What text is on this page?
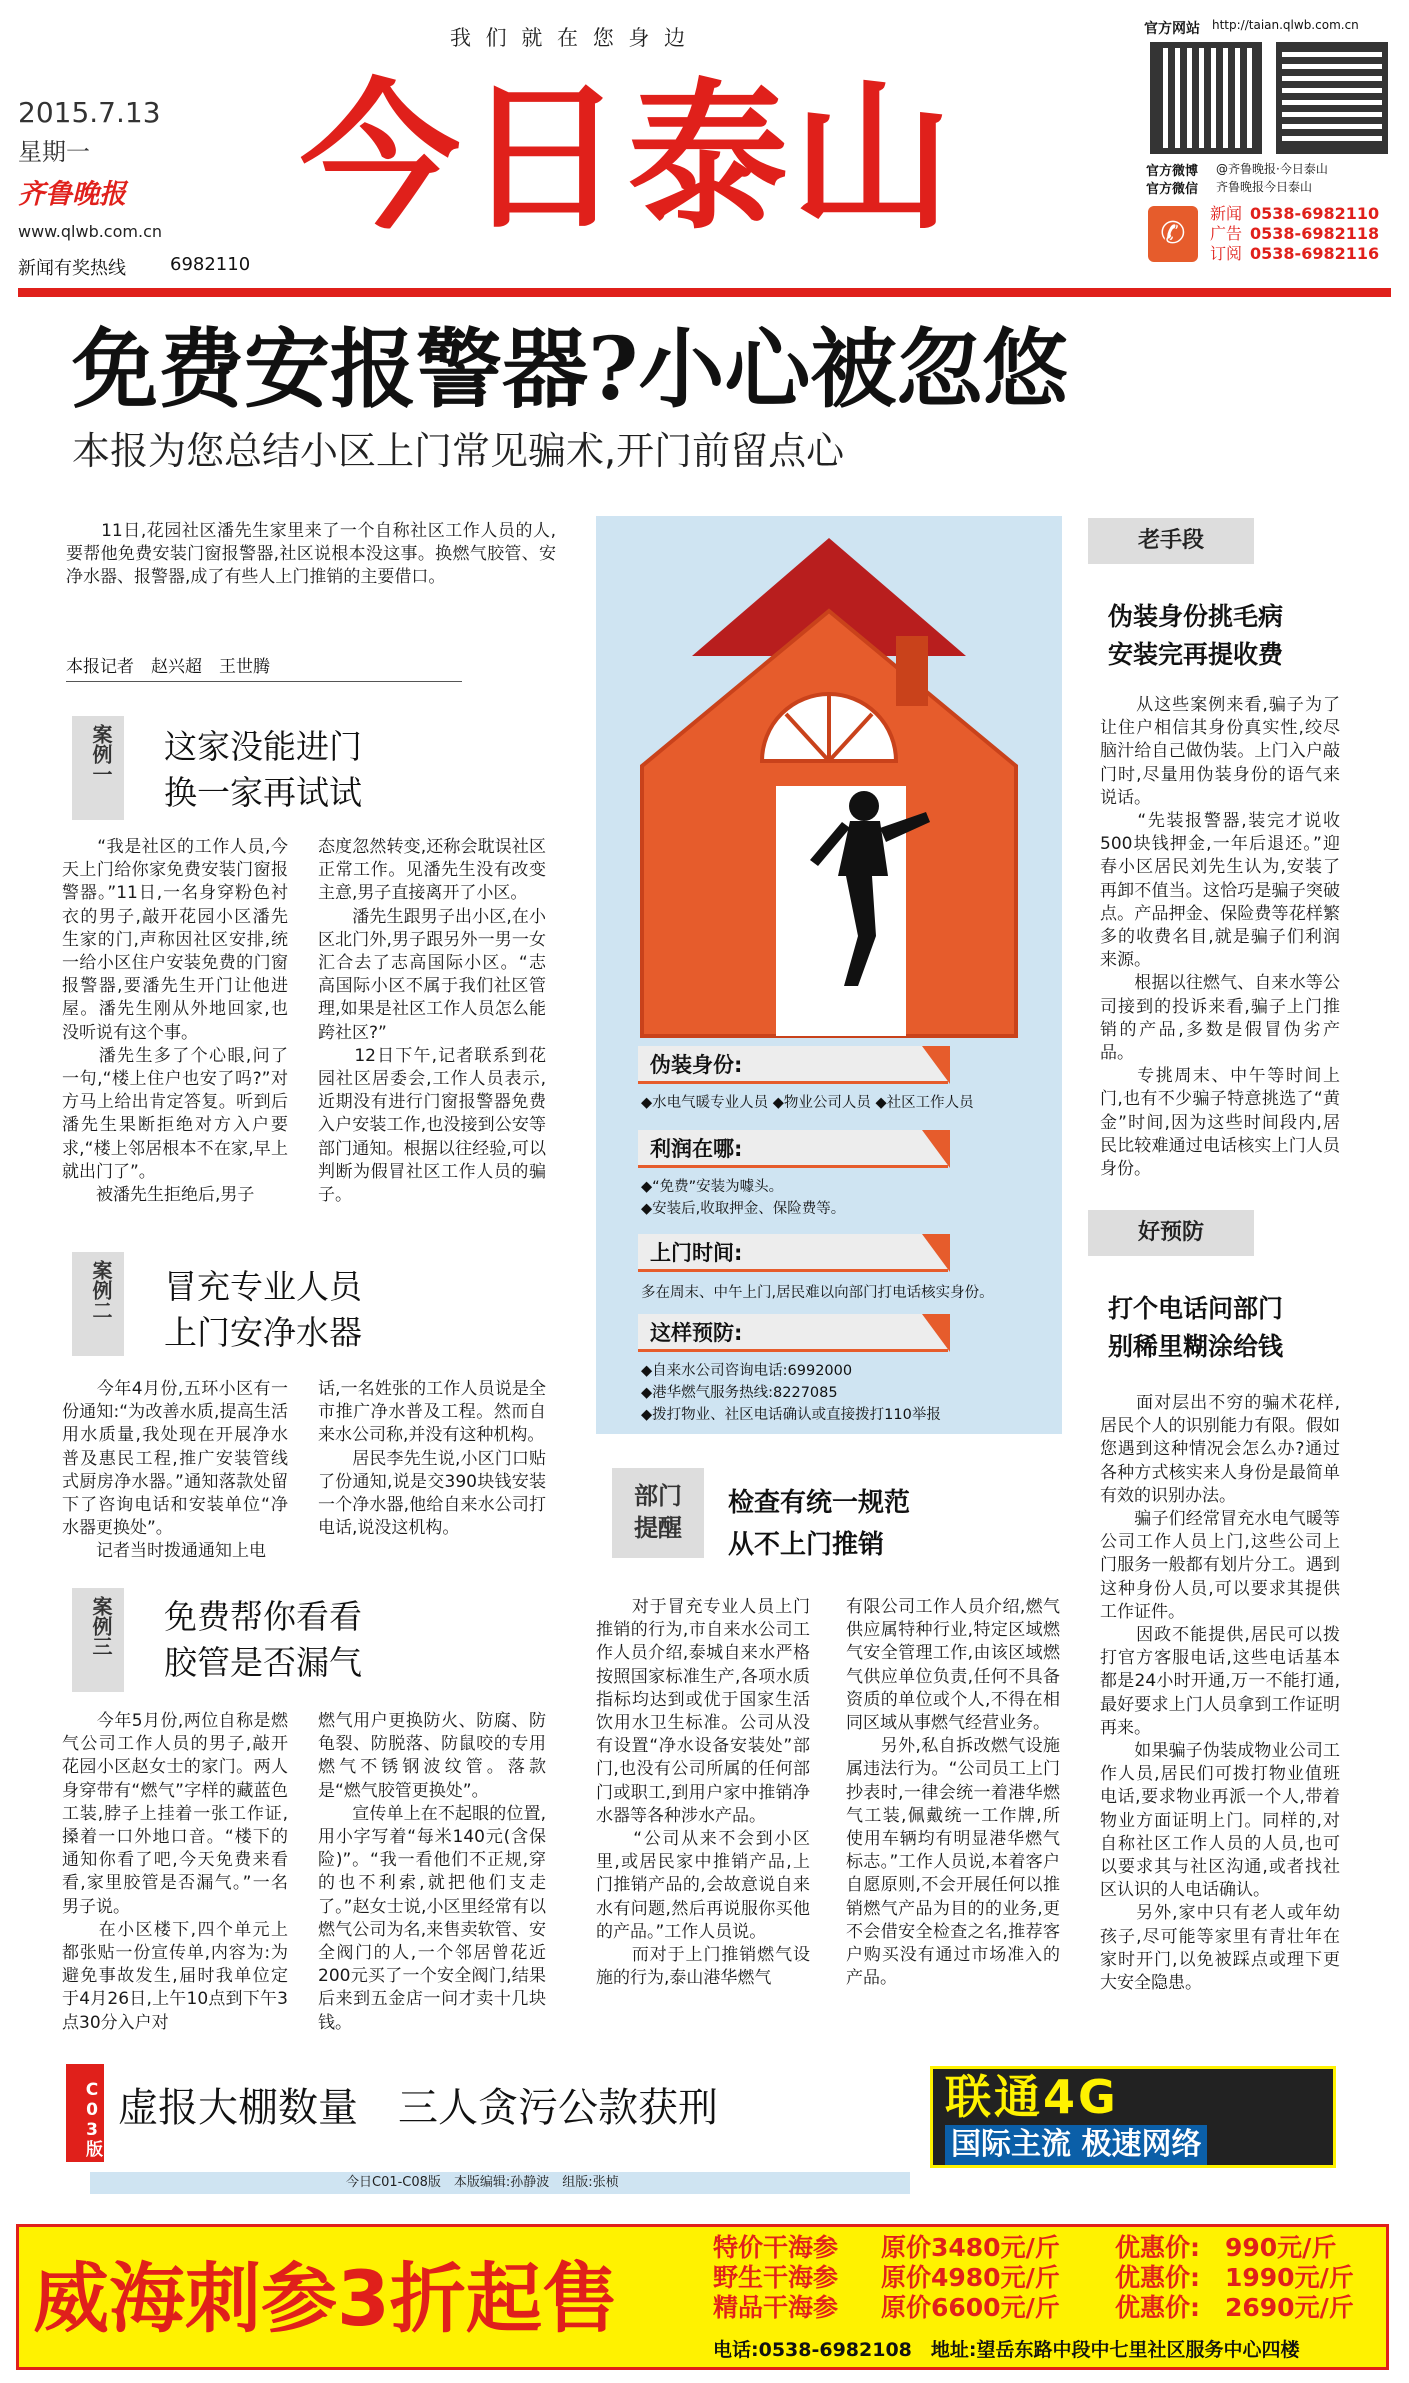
我 们 就 在 您 身 边
2015.7.13
星期一
齐鲁晚报
www.qlwb.com.cn
新闻有奖热线 6982110
今日泰山
官方网站 http://taian.qlwb.com.cn
官方微博 @齐鲁晚报·今日泰山
官方微信 齐鲁晚报今日泰山
✆
新闻 0538-6982110
广告 0538-6982118
订阅 0538-6982116
免费安报警器?小心被忽悠
本报为您总结小区上门常见骗术,开门前留点心
　　11日,花园社区潘先生家里来了一个自称社区工作人员的人,要帮他免费安装门窗报警器,社区说根本没这事。换燃气胶管、安净水器、报警器,成了有些人上门推销的主要借口。
本报记者　赵兴超　王世腾
案例一	这家没能进门
换一家再试试
　　“我是社区的工作人员,今天上门给你家免费安装门窗报警器。”11日,一名身穿粉色衬衣的男子,敲开花园小区潘先生家的门,声称因社区安排,统一给小区住户安装免费的门窗报警器,要潘先生开门让他进屋。潘先生刚从外地回家,也没听说有这个事。
　　潘先生多了个心眼,问了一句,“楼上住户也安了吗?”对方马上给出肯定答复。听到后潘先生果断拒绝对方入户要求,“楼上邻居根本不在家,早上就出门了”。
　　被潘先生拒绝后,男子
态度忽然转变,还称会耽误社区正常工作。见潘先生没有改变主意,男子直接离开了小区。
　　潘先生跟男子出小区,在小区北门外,男子跟另外一男一女汇合去了志高国际小区。“志高国际小区不属于我们社区管理,如果是社区工作人员怎么能跨社区?”
　　12日下午,记者联系到花园社区居委会,工作人员表示,近期没有进行门窗报警器免费入户安装工作,也没接到公安等部门通知。根据以往经验,可以判断为假冒社区工作人员的骗子。
案例二	冒充专业人员
上门安净水器
　　今年4月份,五环小区有一份通知:“为改善水质,提高生活用水质量,我处现在开展净水普及惠民工程,推广安装管线式厨房净水器。”通知落款处留下了咨询电话和安装单位“净水器更换处”。
　　记者当时拨通通知上电
话,一名姓张的工作人员说是全市推广净水普及工程。然而自来水公司称,并没有这种机构。
　　居民李先生说,小区门口贴了份通知,说是交390块钱安装一个净水器,他给自来水公司打电话,说没这机构。
案例三	免费帮你看看
胶管是否漏气
　　今年5月份,两位自称是燃气公司工作人员的男子,敲开花园小区赵女士的家门。两人身穿带有“燃气”字样的藏蓝色工装,脖子上挂着一张工作证,搡着一口外地口音。“楼下的通知你看了吧,今天免费来看看,家里胶管是否漏气。”一名男子说。
　　在小区楼下,四个单元上都张贴一份宣传单,内容为:为避免事故发生,届时我单位定于4月26日,上午10点到下午3点30分入户对
燃气用户更换防火、防腐、防龟裂、防脱落、防鼠咬的专用燃气不锈钢波纹管。落款是“燃气胶管更换处”。
　　宣传单上在不起眼的位置,用小字写着“每米140元(含保险)”。“我一看他们不正规,穿的也不利索,就把他们支走了。”赵女士说,小区里经常有以燃气公司为名,来售卖软管、安全阀门的人,一个邻居曾花近200元买了一个安全阀门,结果后来到五金店一问才卖十几块钱。
伪装身份:
◆水电气暖专业人员 ◆物业公司人员 ◆社区工作人员
利润在哪:
◆“免费”安装为噱头。
◆安装后,收取押金、保险费等。
上门时间:
多在周末、中午上门,居民难以向部门打电话核实身份。
这样预防:
◆自来水公司咨询电话:6992000
◆港华燃气服务热线:8227085
◆拨打物业、社区电话确认或直接拨打110举报
部门
提醒
检查有统一规范
从不上门推销
　　对于冒充专业人员上门推销的行为,市自来水公司工作人员介绍,泰城自来水严格按照国家标准生产,各项水质指标均达到或优于国家生活饮用水卫生标准。公司从没有设置“净水设备安装处”部门,也没有公司所属的任何部门或职工,到用户家中推销净水器等各种涉水产品。
　　“公司从来不会到小区里,或居民家中推销产品,上门推销产品的,会故意说自来水有问题,然后再说服你买他的产品。”工作人员说。
　　而对于上门推销燃气设施的行为,泰山港华燃气
有限公司工作人员介绍,燃气供应属特种行业,特定区域燃气安全管理工作,由该区域燃气供应单位负责,任何不具备资质的单位或个人,不得在相同区域从事燃气经营业务。
　　另外,私自拆改燃气设施属违法行为。“公司员工上门抄表时,一律会统一着港华燃气工装,佩戴统一工作牌,所使用车辆均有明显港华燃气标志。”工作人员说,本着客户自愿原则,不会开展任何以推销燃气产品为目的的业务,更不会借安全检查之名,推荐客户购买没有通过市场准入的产品。
老手段
伪装身份挑毛病
安装完再提收费
　　从这些案例来看,骗子为了让住户相信其身份真实性,绞尽脑汁给自己做伪装。上门入户敲门时,尽量用伪装身份的语气来说话。
　　“先装报警器,装完才说收500块钱押金,一年后退还。”迎春小区居民刘先生认为,安装了再卸不值当。这恰巧是骗子突破点。产品押金、保险费等花样繁多的收费名目,就是骗子们利润来源。
　　根据以往燃气、自来水等公司接到的投诉来看,骗子上门推销的产品,多数是假冒伪劣产品。
　　专挑周末、中午等时间上门,也有不少骗子特意挑选了“黄金”时间,因为这些时间段内,居民比较难通过电话核实上门人员身份。
好预防
打个电话问部门
别稀里糊涂给钱
　　面对层出不穷的骗术花样,居民个人的识别能力有限。假如您遇到这种情况会怎么办?通过各种方式核实来人身份是最简单有效的识别办法。
　　骗子们经常冒充水电气暖等公司工作人员上门,这些公司上门服务一般都有划片分工。遇到这种身份人员,可以要求其提供工作证件。
　　因政不能提供,居民可以拨打官方客服电话,这些电话基本都是24小时开通,万一不能打通,最好要求上门人员拿到工作证明再来。
　　如果骗子伪装成物业公司工作人员,居民们可拨打物业值班电话,要求物业再派一个人,带着物业方面证明上门。同样的,对自称社区工作人员的人员,也可以要求其与社区沟通,或者找社区认识的人电话确认。
　　另外,家中只有老人或年幼孩子,尽可能等家里有青壮年在家时开门,以免被踩点或理下更大安全隐患。
C03版 虚报大棚数量　三人贪污公款获刑	联通4G
国际主流 极速网络
今日C01-C08版　本版编辑:孙静波　组版:张桢
威海刺参3折起售
特价干海参	原价3480元/斤	优惠价:　990元/斤
野生干海参	原价4980元/斤	优惠价:　1990元/斤
精品干海参	原价6600元/斤	优惠价:　2690元/斤
电话:0538-6982108　地址:望岳东路中段中七里社区服务中心四楼
